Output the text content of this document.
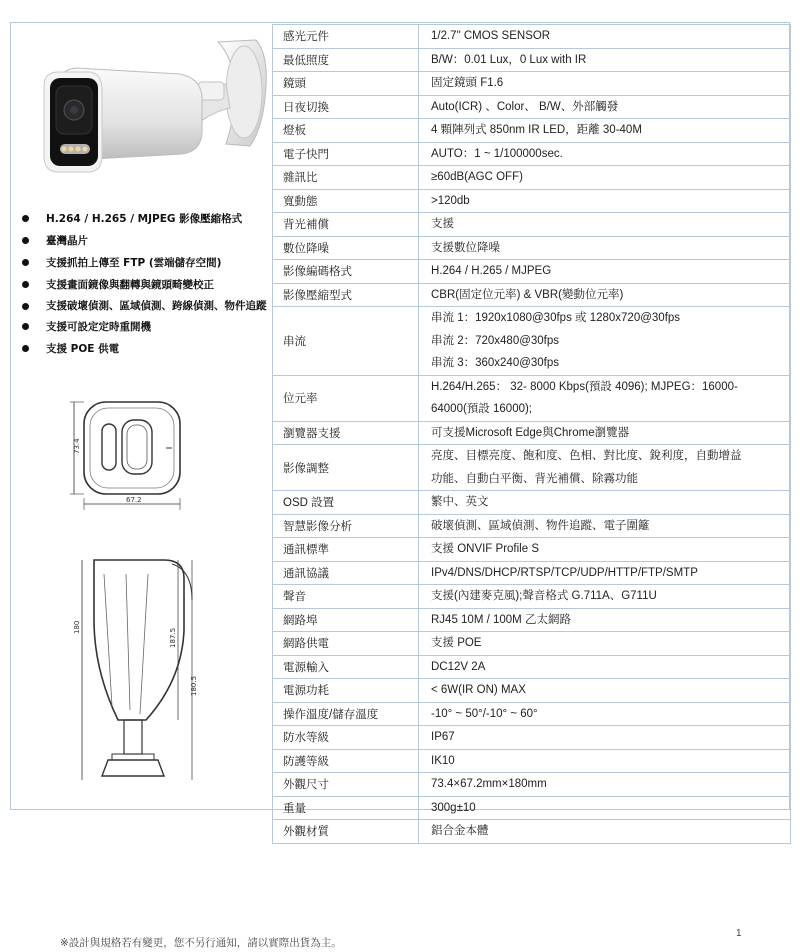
H.264 / H.265 / MJPEG 影像壓縮格式
臺灣晶片
支援抓拍上傳至 FTP (雲端儲存空間)
支援畫面鏡像與翻轉與鏡頭畸變校正
支援破壞偵測、區域偵測、跨線偵測、物件追蹤
支援可設定定時重開機
支援 POE 供電
73.4
67.2
180
187.5
180.5
感光元件	1/2.7" CMOS SENSOR

最低照度	B/W：0.01 Lux，0 Lux with IR

鏡頭	固定鏡頭 F1.6

日夜切換	Auto(ICR) 、Color、 B/W、外部觸發

燈板	4 顆陣列式 850nm IR LED，距離 30-40M

電子快門	AUTO：1 ~ 1/100000sec.

雜訊比	≥60dB(AGC OFF)

寬動態	>120db

背光補償	支援

數位降噪	支援數位降噪

影像編碼格式	H.264 / H.265 / MJPEG

影像壓縮型式	CBR(固定位元率) & VBR(變動位元率)

串流	串流 1：1920x1080@30fps 或 1280x720@30fps
串流 2：720x480@30fps
串流 3：360x240@30fps

位元率	H.264/H.265： 32- 8000 Kbps(預設 4096); MJPEG：16000-
64000(預設 16000);

瀏覽器支援	可支援Microsoft Edge與Chrome瀏覽器

影像調整	亮度、目標亮度、飽和度、色相、對比度、銳利度，自動增益
功能、自動白平衡、背光補償、除霧功能

OSD 設置	繁中、英文

智慧影像分析	破壞偵測、區域偵測、物件追蹤、電子圍籬

通訊標準	支援 ONVIF Profile S

通訊協議	IPv4/DNS/DHCP/RTSP/TCP/UDP/HTTP/FTP/SMTP

聲音	支援(內建麥克風);聲音格式 G.711A、G711U

網路埠	RJ45 10M / 100M 乙太網路

網路供電	支援 POE

電源輸入	DC12V 2A

電源功耗	< 6W(IR ON) MAX

操作溫度/儲存溫度	-10° ~ 50°/-10° ~ 60°

防水等級	IP67

防護等級	IK10

外觀尺寸	73.4×67.2mm×180mm

重量	300g±10

外觀材質	鋁合金本體
※設計與規格若有變更，您不另行通知，請以實際出貨為主。
1
